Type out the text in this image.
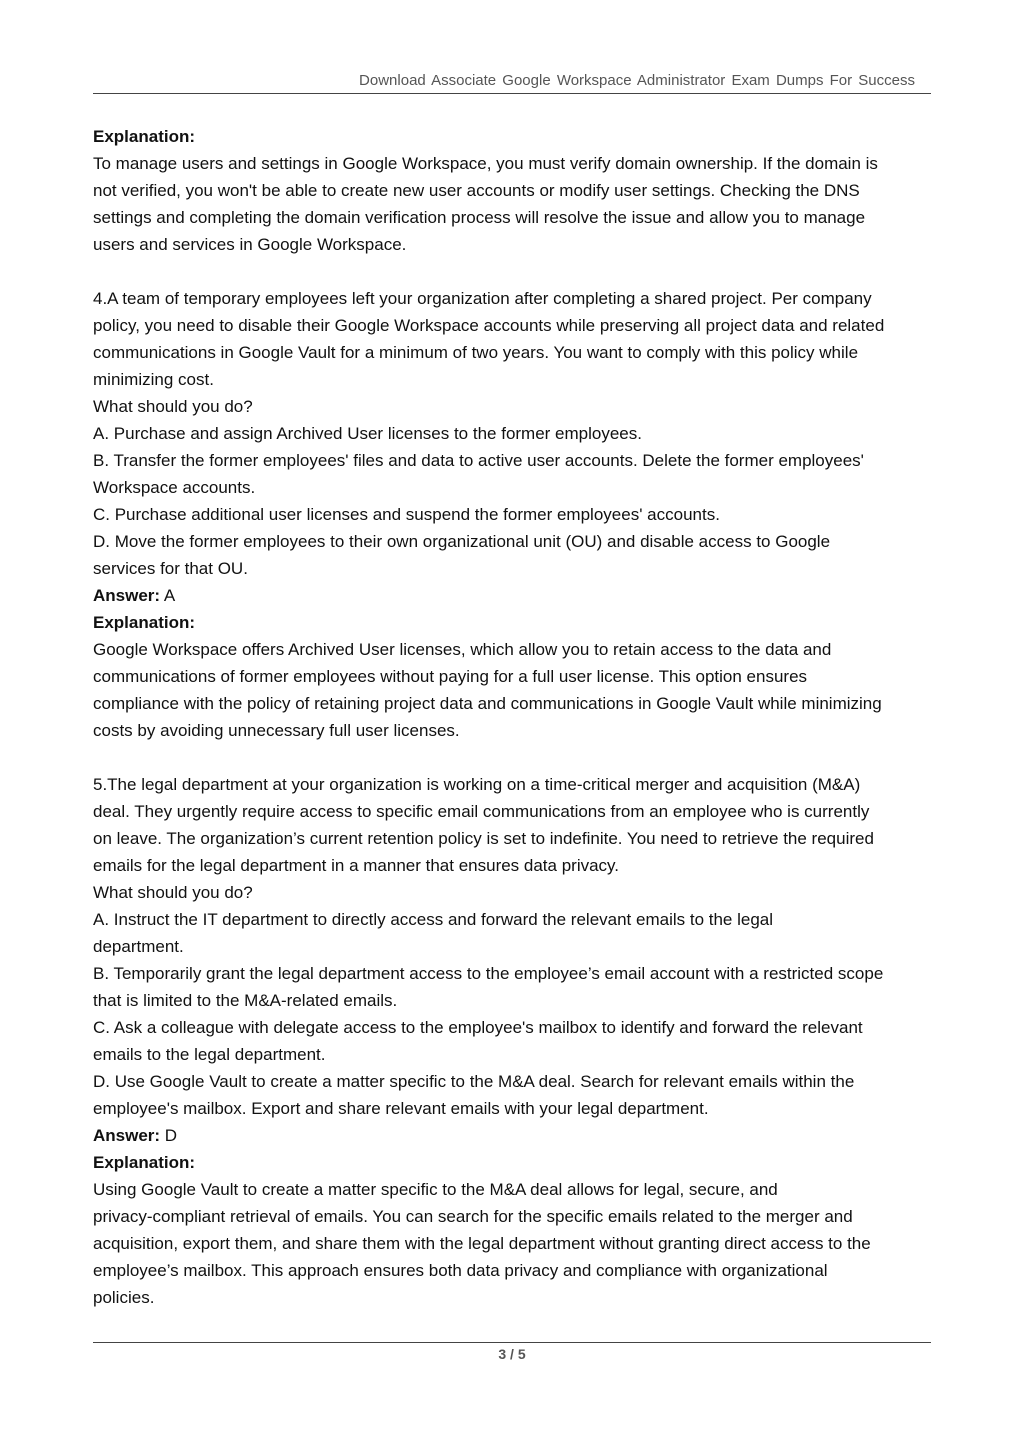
Download Associate Google Workspace Administrator Exam Dumps For Success

Explanation:

To manage users and settings in Google Workspace, you must verify domain ownership. If the domain is

not verified, you won't be able to create new user accounts or modify user settings. Checking the DNS

settings and completing the domain verification process will resolve the issue and allow you to manage

users and services in Google Workspace.

4.A team of temporary employees left your organization after completing a shared project. Per company

policy, you need to disable their Google Workspace accounts while preserving all project data and related

communications in Google Vault for a minimum of two years. You want to comply with this policy while

minimizing cost.

What should you do?

A. Purchase and assign Archived User licenses to the former employees.

B. Transfer the former employees' files and data to active user accounts. Delete the former employees'

Workspace accounts.

C. Purchase additional user licenses and suspend the former employees' accounts.

D. Move the former employees to their own organizational unit (OU) and disable access to Google

services for that OU.

Answer: A

Explanation:

Google Workspace offers Archived User licenses, which allow you to retain access to the data and

communications of former employees without paying for a full user license. This option ensures

compliance with the policy of retaining project data and communications in Google Vault while minimizing

costs by avoiding unnecessary full user licenses.

5.The legal department at your organization is working on a time-critical merger and acquisition (M&A)

deal. They urgently require access to specific email communications from an employee who is currently

on leave. The organization’s current retention policy is set to indefinite. You need to retrieve the required

emails for the legal department in a manner that ensures data privacy.

What should you do?

A. Instruct the IT department to directly access and forward the relevant emails to the legal

department.

B. Temporarily grant the legal department access to the employee’s email account with a restricted scope

that is limited to the M&A-related emails.

C. Ask a colleague with delegate access to the employee's mailbox to identify and forward the relevant

emails to the legal department.

D. Use Google Vault to create a matter specific to the M&A deal. Search for relevant emails within the

employee's mailbox. Export and share relevant emails with your legal department.

Answer: D

Explanation:

Using Google Vault to create a matter specific to the M&A deal allows for legal, secure, and

privacy-compliant retrieval of emails. You can search for the specific emails related to the merger and

acquisition, export them, and share them with the legal department without granting direct access to the

employee’s mailbox. This approach ensures both data privacy and compliance with organizational

policies.

3 / 5
